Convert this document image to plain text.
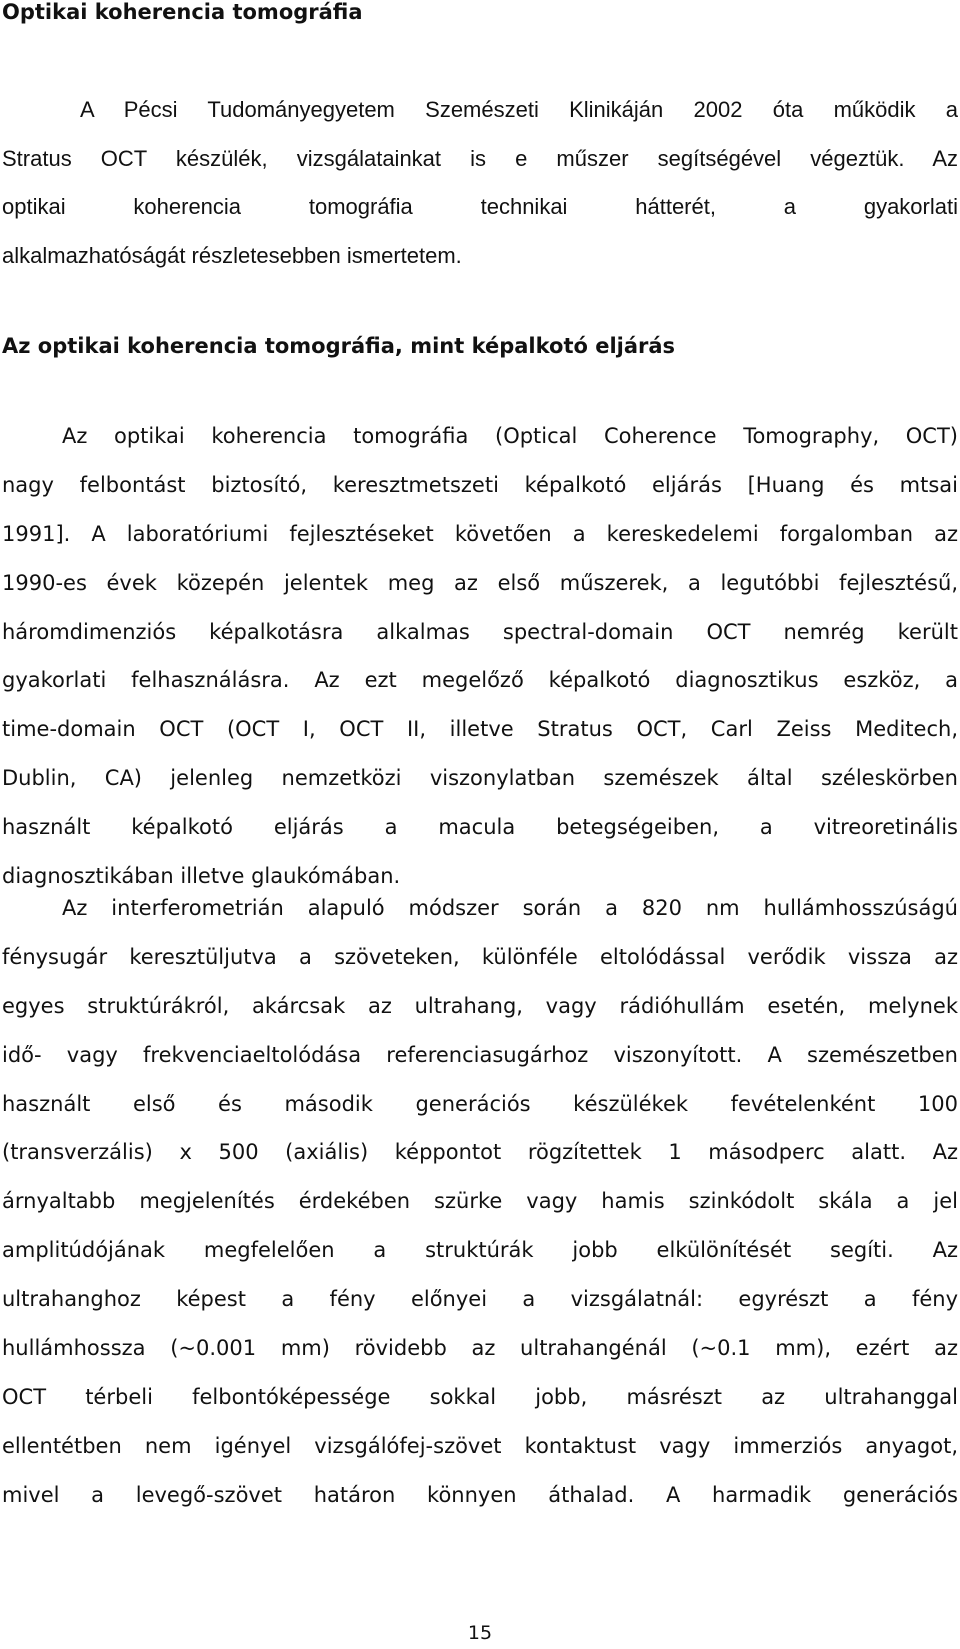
Optikai koherencia tomográfia
A Pécsi Tudományegyetem Szemészeti Klinikáján 2002 óta működik a
Stratus OCT készülék, vizsgálatainkat is e műszer segítségével végeztük. Az
optikai koherencia tomográfia technikai hátterét, a gyakorlati
alkalmazhatóságát részletesebben ismertetem.
Az optikai koherencia tomográfia, mint képalkotó eljárás
Az optikai koherencia tomográfia (Optical Coherence Tomography, OCT)
nagy felbontást biztosító, keresztmetszeti képalkotó eljárás [Huang és mtsai
1991]. A laboratóriumi fejlesztéseket követően a kereskedelemi forgalomban az
1990-es évek közepén jelentek meg az első műszerek, a legutóbbi fejlesztésű,
háromdimenziós képalkotásra alkalmas spectral-domain OCT nemrég került
gyakorlati felhasználásra. Az ezt megelőző képalkotó diagnosztikus eszköz, a
time-domain OCT (OCT I, OCT II, illetve Stratus OCT, Carl Zeiss Meditech,
Dublin, CA) jelenleg nemzetközi viszonylatban szemészek által széleskörben
használt képalkotó eljárás a macula betegségeiben, a vitreoretinális
diagnosztikában illetve glaukómában.
Az interferometrián alapuló módszer során a 820 nm hullámhosszúságú
fénysugár keresztüljutva a szöveteken, különféle eltolódással verődik vissza az
egyes struktúrákról, akárcsak az ultrahang, vagy rádióhullám esetén, melynek
idő- vagy frekvenciaeltolódása referenciasugárhoz viszonyított. A szemészetben
használt első és második generációs készülékek fevételenként 100
(transverzális) x 500 (axiális) képpontot rögzítettek 1 másodperc alatt. Az
árnyaltabb megjelenítés érdekében szürke vagy hamis szinkódolt skála a jel
amplitúdójának megfelelően a struktúrák jobb elkülönítését segíti. Az
ultrahanghoz képest a fény előnyei a vizsgálatnál: egyrészt a fény
hullámhossza (~0.001 mm) rövidebb az ultrahangénál (~0.1 mm), ezért az
OCT térbeli felbontóképessége sokkal jobb, másrészt az ultrahanggal
ellentétben nem igényel vizsgálófej-szövet kontaktust vagy immerziós anyagot,
mivel a levegő-szövet határon könnyen áthalad. A harmadik generációs
15
